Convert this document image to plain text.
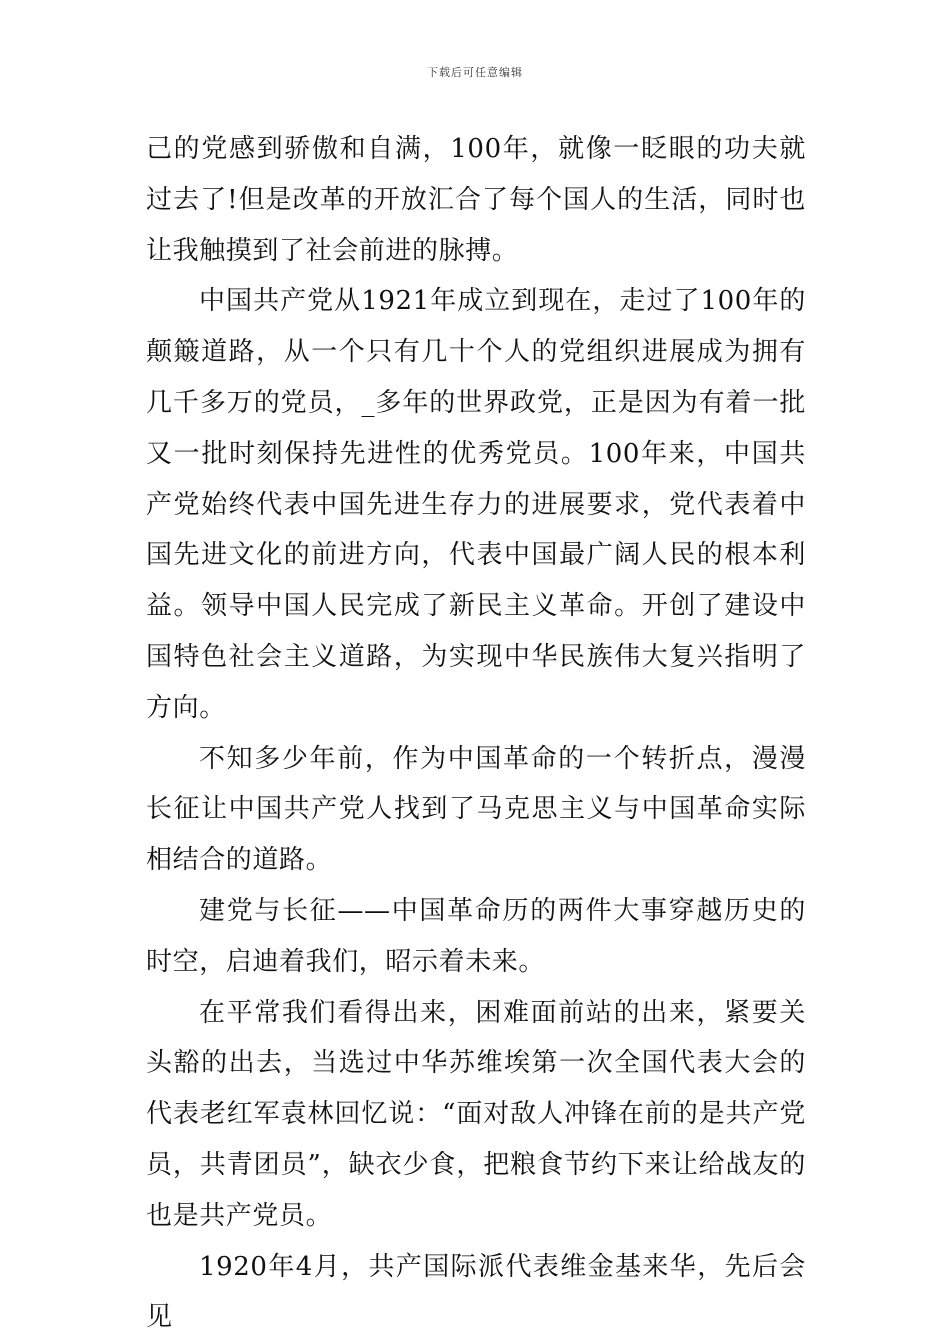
下载后可任意编辑

己的党感到骄傲和自满，100年，就像一眨眼的功夫就过去了!但是改革的开放汇合了每个国人的生活，同时也让我触摸到了社会前进的脉搏。

中国共产党从1921年成立到现在，走过了100年的颠簸道路，从一个只有几十个人的党组织进展成为拥有几千多万的党员，_多年的世界政党，正是因为有着一批又一批时刻保持先进性的优秀党员。100年来，中国共产党始终代表中国先进生存力的进展要求，党代表着中国先进文化的前进方向，代表中国最广阔人民的根本利益。领导中国人民完成了新民主义革命。开创了建设中国特色社会主义道路，为实现中华民族伟大复兴指明了方向。

不知多少年前，作为中国革命的一个转折点，漫漫长征让中国共产党人找到了马克思主义与中国革命实际相结合的道路。

建党与长征——中国革命历的两件大事穿越历史的时空，启迪着我们，昭示着未来。

在平常我们看得出来，困难面前站的出来，紧要关头豁的出去，当选过中华苏维埃第一次全国代表大会的代表老红军袁林回忆说：“面对敌人冲锋在前的是共产党员，共青团员”，缺衣少食，把粮食节约下来让给战友的也是共产党员。

1920年4月，共产国际派代表维金基来华，先后会见
